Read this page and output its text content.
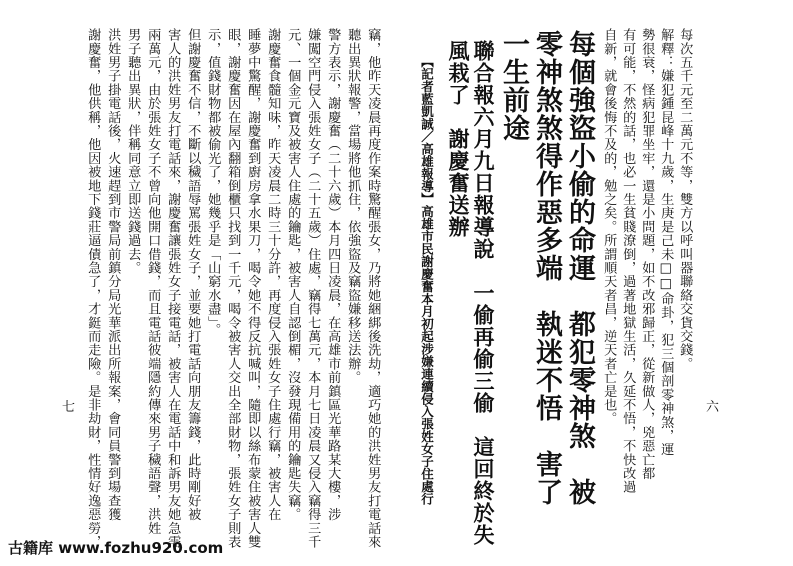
每次五千元至二萬元不等，雙方以呼叫器聯絡交貨交錢。
解釋：嫌犯鍾昆峰十九歲，生庚是己未□□命卦，犯三個剖零神煞，運
勢很衰，怪病犯罪坐牢，還是小問題，如不改邪歸正，從新做人，兇惡亡都
有可能，不然的話，也必一生貧賤潦倒，過著地獄生活，久延不悟，不快改過
自新，就會後悔不及的，勉之矣。所謂順天者昌，逆天者亡是也。
每個強盜小偷的命運　都犯零神煞　被
零神煞煞得作惡多端　執迷不悟　害了
一生前途
聯合報六月九日報導說　一偷再偷三偷　這回終於失
風栽了　謝慶奮送辦
【記者藍凱誠／高雄報導】高雄市民謝慶奮本月初起涉嫌連續侵入張姓女子住處行	六
竊，他昨天凌晨再度作案時驚醒張女，乃將她綑綁後洗劫，適巧她的洪姓男友打電話來
聽出異狀報警，當場將他抓住，依強盜及竊盜嫌移送法辦。
警方表示，謝慶奮（二十六歲）本月四日凌晨，在高雄市前鎮區光華路某大樓，涉
嫌闖空門侵入張姓女子（二十五歲）住處，竊得七萬元，本月七日凌晨又侵入竊得三千
元、一個金元寶及被害人住處的鑰匙，被害人自認倒楣，沒發現備用的鑰匙失竊。
謝慶奮食髓知味，昨天凌晨二時三十分許，再度侵入張姓女子住處行竊，被害人在
睡夢中驚醒，謝慶奮到廚房拿水果刀，喝令她不得反抗喊叫，隨即以絲布蒙住被害人雙
眼，謝慶奮因在屋內翻箱倒櫃只找到一千元，喝令被害人交出全部財物，張姓女子則表
示，值錢財物都被偷光了，她幾乎是「山窮水盡」。
但謝慶奮不信，不斷以穢語辱罵張姓女子，並要她打電話向朋友籌錢，此時剛好被
害人的洪姓男友打電話來，謝慶奮讓張姓女子接電話，被害人在電話中和訴男友她急需
兩萬元，由於張姓女子不曾向他開口借錢，而且電話彼端隱約傳來男子穢語聲，洪姓
男子聽出異狀，伴稱同意立即送錢過去。
洪姓男子掛電話後，火速趕到市警局前鎮分局光華派出所報案，會同員警到場查獲
謝慶奮，他供稱，他因被地下錢莊逼債急了，才鋌而走險。是非劫財，性情好逸惡勞，
七
古籍库 www.fozhu920.com
